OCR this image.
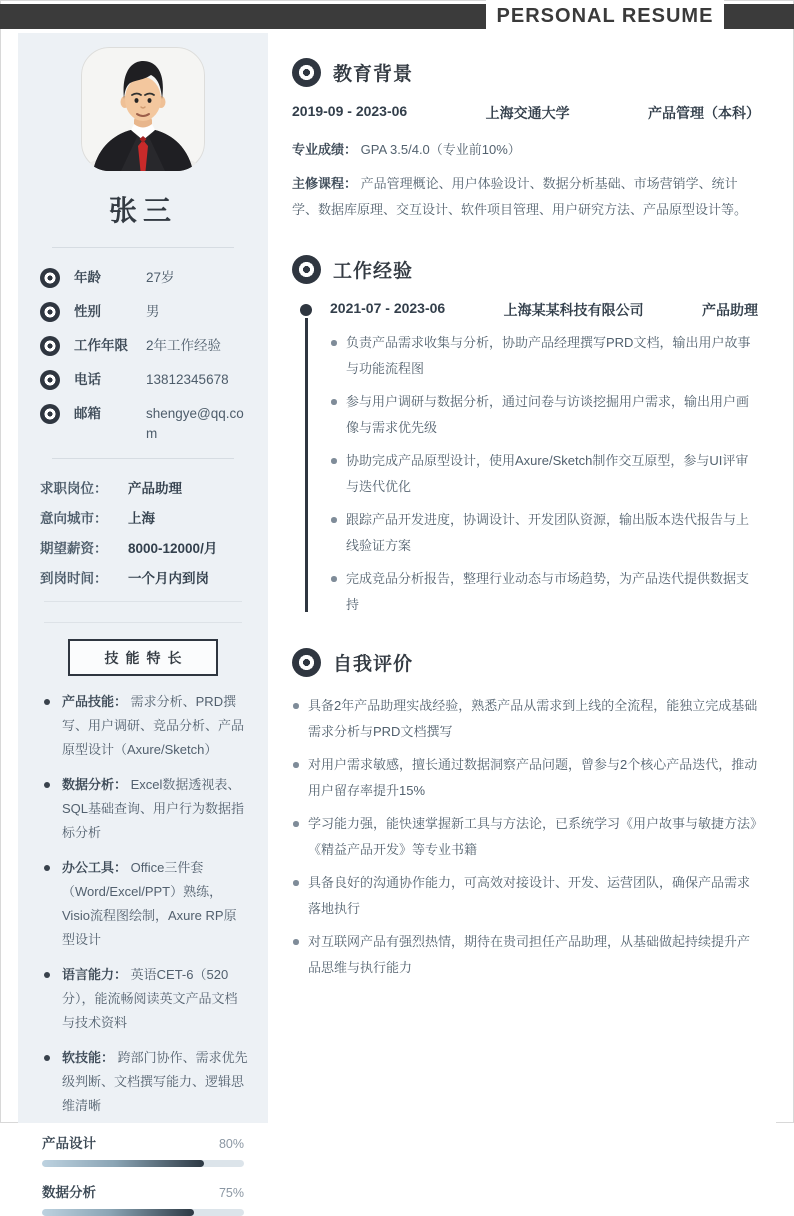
PERSONAL RESUME
张三
年龄	27岁
性别	男
工作年限	2年工作经验
电话	13812345678
邮箱	shengye@qq.com
求职岗位：	产品助理
意向城市：	上海
期望薪资：	8000-12000/月
到岗时间：	一个月内到岗
技能特长
产品技能： 需求分析、PRD撰写、用户调研、竞品分析、产品原型设计（Axure/Sketch）
数据分析： Excel数据透视表、SQL基础查询、用户行为数据指标分析
办公工具： Office三件套（Word/Excel/PPT）熟练，Visio流程图绘制，Axure RP原型设计
语言能力： 英语CET-6（520分），能流畅阅读英文产品文档与技术资料
软技能： 跨部门协作、需求优先级判断、文档撰写能力、逻辑思维清晰
产品设计	80%
数据分析	75%
教育背景
2019-09 - 2023-06	上海交通大学	产品管理（本科）
专业成绩： GPA 3.5/4.0（专业前10%）
主修课程： 产品管理概论、用户体验设计、数据分析基础、市场营销学、统计学、数据库原理、交互设计、软件项目管理、用户研究方法、产品原型设计等。
工作经验
2021-07 - 2023-06	上海某某科技有限公司	产品助理
负责产品需求收集与分析，协助产品经理撰写PRD文档，输出用户故事与功能流程图
参与用户调研与数据分析，通过问卷与访谈挖掘用户需求，输出用户画像与需求优先级
协助完成产品原型设计，使用Axure/Sketch制作交互原型，参与UI评审与迭代优化
跟踪产品开发进度，协调设计、开发团队资源，输出版本迭代报告与上线验证方案
完成竞品分析报告，整理行业动态与市场趋势，为产品迭代提供数据支持
自我评价
具备2年产品助理实战经验，熟悉产品从需求到上线的全流程，能独立完成基础需求分析与PRD文档撰写
对用户需求敏感，擅长通过数据洞察产品问题，曾参与2个核心产品迭代，推动用户留存率提升15%
学习能力强，能快速掌握新工具与方法论，已系统学习《用户故事与敏捷方法》《精益产品开发》等专业书籍
具备良好的沟通协作能力，可高效对接设计、开发、运营团队，确保产品需求落地执行
对互联网产品有强烈热情，期待在贵司担任产品助理，从基础做起持续提升产品思维与执行能力
